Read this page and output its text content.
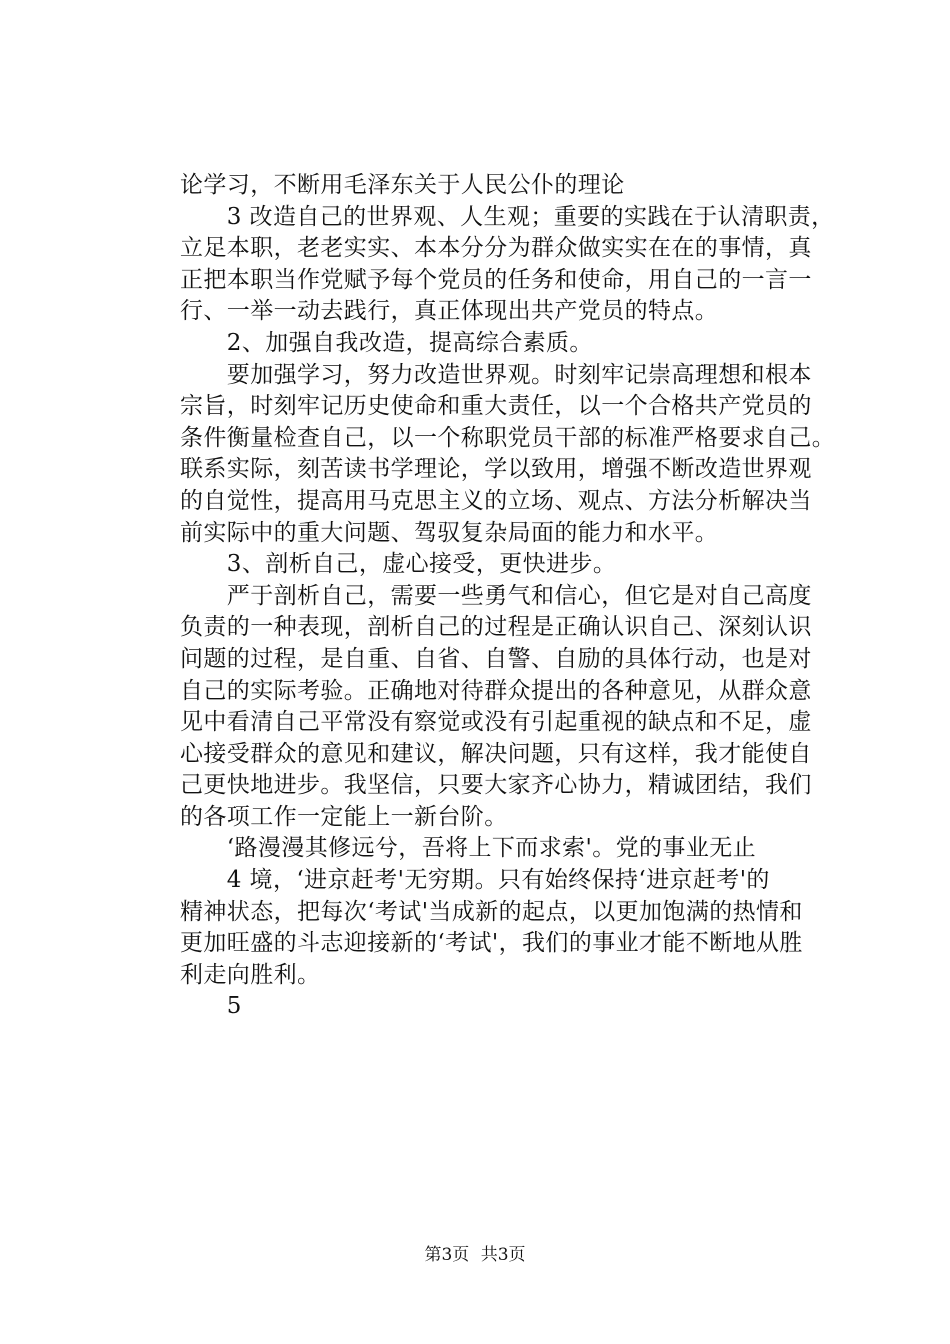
论学习，不断用毛泽东关于人民公仆的理论
　　3 改造自己的世界观、人生观；重要的实践在于认清职责，
立足本职，老老实实、本本分分为群众做实实在在的事情，真
正把本职当作党赋予每个党员的任务和使命，用自己的一言一
行、一举一动去践行，真正体现出共产党员的特点。
　　2、加强自我改造，提高综合素质。
　　要加强学习，努力改造世界观。时刻牢记崇高理想和根本
宗旨，时刻牢记历史使命和重大责任，以一个合格共产党员的
条件衡量检查自己，以一个称职党员干部的标准严格要求自己。
联系实际，刻苦读书学理论，学以致用，增强不断改造世界观
的自觉性，提高用马克思主义的立场、观点、方法分析解决当
前实际中的重大问题、驾驭复杂局面的能力和水平。
　　3、剖析自己，虚心接受，更快进步。
　　严于剖析自己，需要一些勇气和信心，但它是对自己高度
负责的一种表现，剖析自己的过程是正确认识自己、深刻认识
问题的过程，是自重、自省、自警、自励的具体行动，也是对
自己的实际考验。正确地对待群众提出的各种意见，从群众意
见中看清自己平常没有察觉或没有引起重视的缺点和不足，虚
心接受群众的意见和建议，解决问题，只有这样，我才能使自
己更快地进步。我坚信，只要大家齐心协力，精诚团结，我们
的各项工作一定能上一新台阶。
　　‘路漫漫其修远兮，吾将上下而求索'。党的事业无止
　　4 境，‘进京赶考'无穷期。只有始终保持‘进京赶考'的
精神状态，把每次‘考试'当成新的起点，以更加饱满的热情和
更加旺盛的斗志迎接新的‘考试'，我们的事业才能不断地从胜
利走向胜利。
　　5
第3页 共3页
